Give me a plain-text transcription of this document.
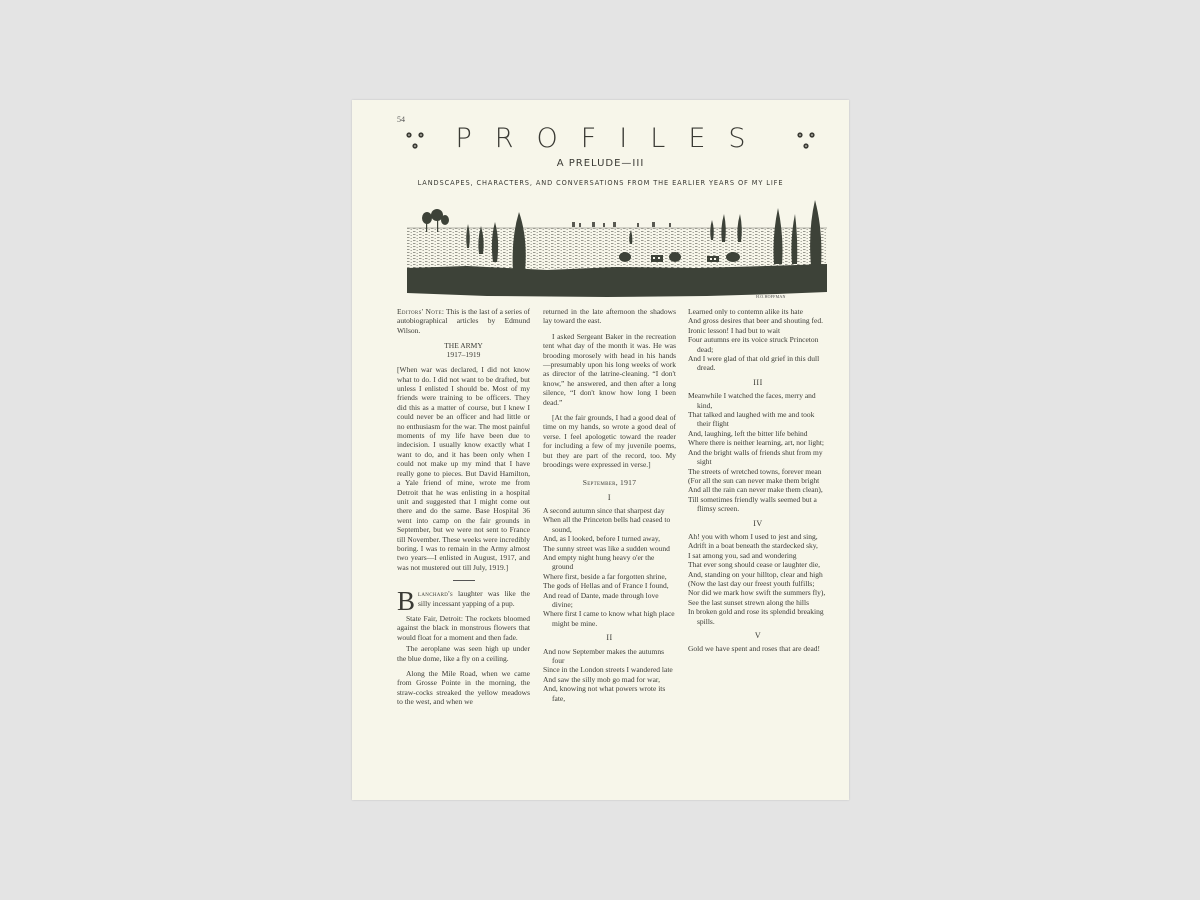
54
PROFILES
A PRELUDE—III
LANDSCAPES, CHARACTERS, AND CONVERSATIONS FROM THE EARLIER YEARS OF MY LIFE
H.O.HOFFMAN

Editors' Note: This is the last of a series of autobiographical articles by Edmund Wilson.

THE ARMY
1917–1919

[When war was declared, I did not know what to do. I did not want to be drafted, but unless I enlisted I should be. Most of my friends were training to be officers. They did this as a matter of course, but I knew I could never be an officer and had little or no enthusiasm for the war. The most painful moments of my life have been due to indecision. I usually know exactly what I want to do, and it has been only when I could not make up my mind that I have really gone to pieces. But David Hamilton, a Yale friend of mine, wrote me from Detroit that he was enlisting in a hospital unit and suggested that I might come out there and do the same. Base Hospital 36 went into camp on the fair grounds in September, but we were not sent to France till November. These weeks were incredibly boring. I was to remain in the Army almost two years—I enlisted in August, 1917, and was not mustered out till July, 1919.]

Blanchard's laughter was like the silly incessant yapping of a pup.

State Fair, Detroit: The rockets bloomed against the black in monstrous flowers that would float for a moment and then fade.

The aeroplane was seen high up under the blue dome, like a fly on a ceiling.

Along the Mile Road, when we came from Grosse Pointe in the morning, the straw-cocks streaked the yellow meadows to the west, and when we

returned in the late afternoon the shadows lay toward the east.

I asked Sergeant Baker in the recreation tent what day of the month it was. He was brooding morosely with head in his hands—presumably upon his long weeks of work as director of the latrine-cleaning. “I don't know,” he answered, and then after a long silence, “I don't know how long I been dead.”

[At the fair grounds, I had a good deal of time on my hands, so wrote a good deal of verse. I feel apologetic toward the reader for including a few of my juvenile poems, but they are part of the record, too. My broodings were expressed in verse.]

September, 1917
I
A second autumn since that sharpest day
When all the Princeton bells had ceased to sound,
And, as I looked, before I turned away,
The sunny street was like a sudden wound
And empty night hung heavy o'er the ground
Where first, beside a far forgotten shrine,
The gods of Hellas and of France I found,
And read of Dante, made through love divine;
Where first I came to know what high place might be mine.
II
And now September makes the autumns four
Since in the London streets I wandered late
And saw the silly mob go mad for war,
And, knowing not what powers wrote its fate,
Learned only to contemn alike its hate
And gross desires that beer and shouting fed.
Ironic lesson! I had but to wait
Four autumns ere its voice struck Princeton dead;
And I were glad of that old grief in this dull dread.
III
Meanwhile I watched the faces, merry and kind,
That talked and laughed with me and took their flight
And, laughing, left the bitter life behind
Where there is neither learning, art, nor light;
And the bright walls of friends shut from my sight
The streets of wretched towns, forever mean
(For all the sun can never make them bright
And all the rain can never make them clean),
Till sometimes friendly walls seemed but a flimsy screen.
IV
Ah! you with whom I used to jest and sing,
Adrift in a boat beneath the stardecked sky,
I sat among you, sad and wondering
That ever song should cease or laughter die,
And, standing on your hilltop, clear and high
(Now the last day our freest youth fulfills;
Nor did we mark how swift the summers fly),
See the last sunset strewn along the hills
In broken gold and rose its splendid breaking spills.
V
Gold we have spent and roses that are dead!
